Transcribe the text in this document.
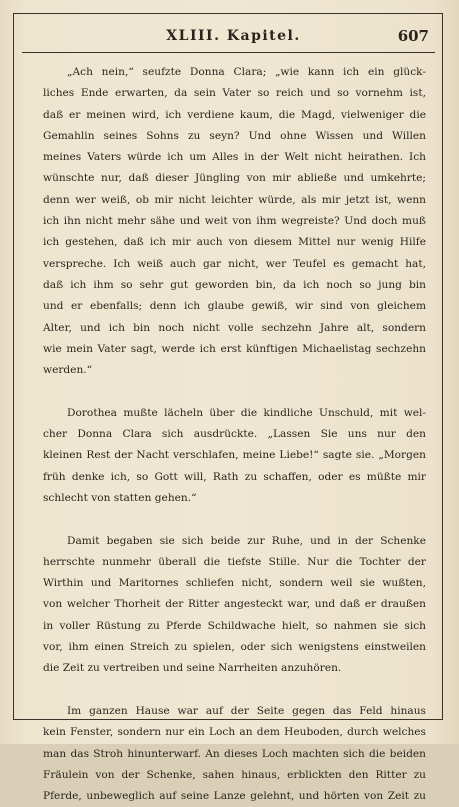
XLIII. Kapitel.	607
„Ach nein,“ seufzte Donna Clara; „wie kann ich ein glück-
liches Ende erwarten, da sein Vater so reich und so vornehm ist,
daß er meinen wird, ich verdiene kaum, die Magd, vielweniger die
Gemahlin seines Sohns zu seyn? Und ohne Wissen und Willen
meines Vaters würde ich um Alles in der Welt nicht heirathen. Ich
wünschte nur, daß dieser Jüngling von mir abließe und umkehrte;
denn wer weiß, ob mir nicht leichter würde, als mir jetzt ist, wenn
ich ihn nicht mehr sähe und weit von ihm wegreiste? Und doch muß
ich gestehen, daß ich mir auch von diesem Mittel nur wenig Hilfe
verspreche. Ich weiß auch gar nicht, wer Teufel es gemacht hat,
daß ich ihm so sehr gut geworden bin, da ich noch so jung bin
und er ebenfalls; denn ich glaube gewiß, wir sind von gleichem
Alter, und ich bin noch nicht volle sechzehn Jahre alt, sondern
wie mein Vater sagt, werde ich erst künftigen Michaelistag sechzehn
werden.“
Dorothea mußte lächeln über die kindliche Unschuld, mit wel-
cher Donna Clara sich ausdrückte. „Lassen Sie uns nur den
kleinen Rest der Nacht verschlafen, meine Liebe!“ sagte sie. „Morgen
früh denke ich, so Gott will, Rath zu schaffen, oder es müßte mir
schlecht von statten gehen.“
Damit begaben sie sich beide zur Ruhe, und in der Schenke
herrschte nunmehr überall die tiefste Stille. Nur die Tochter der
Wirthin und Maritornes schliefen nicht, sondern weil sie wußten,
von welcher Thorheit der Ritter angesteckt war, und daß er draußen
in voller Rüstung zu Pferde Schildwache hielt, so nahmen sie sich
vor, ihm einen Streich zu spielen, oder sich wenigstens einstweilen
die Zeit zu vertreiben und seine Narrheiten anzuhören.
Im ganzen Hause war auf der Seite gegen das Feld hinaus
kein Fenster, sondern nur ein Loch an dem Heuboden, durch welches
man das Stroh hinunterwarf. An dieses Loch machten sich die beiden
Fräulein von der Schenke, sahen hinaus, erblickten den Ritter zu
Pferde, unbeweglich auf seine Lanze gelehnt, und hörten von Zeit zu
